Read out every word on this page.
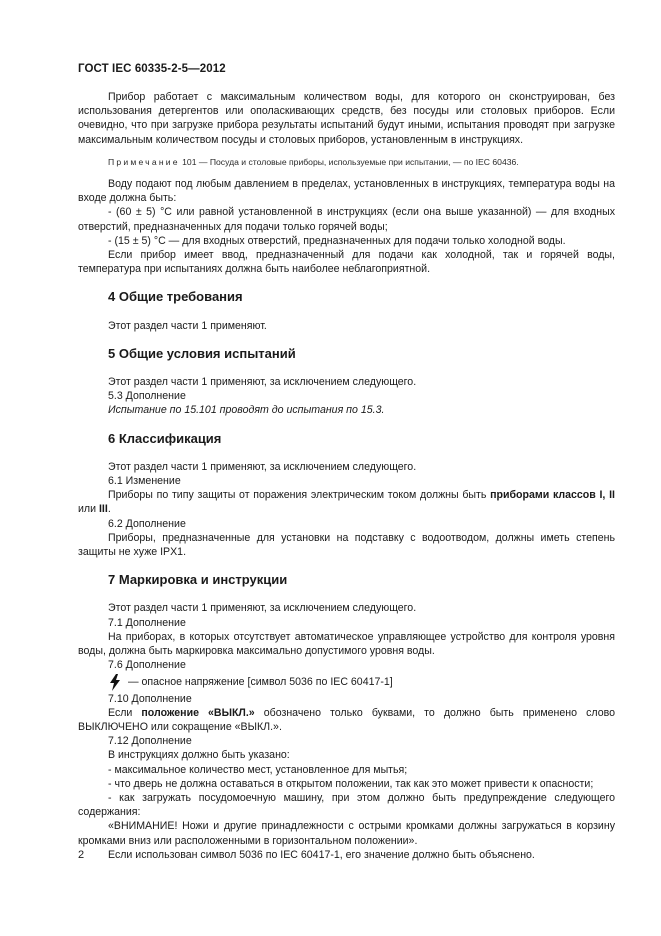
ГОСТ IEC 60335-2-5—2012

Прибор работает с максимальным количеством воды, для которого он сконструирован, без использования детергентов или ополаскивающих средств, без посуды или столовых приборов. Если очевидно, что при загрузке прибора результаты испытаний будут иными, испытания проводят при загрузке максимальным количеством посуды и столовых приборов, установленным в инструкциях.

Примечание 101 — Посуда и столовые приборы, используемые при испытании, — по IEC 60436.

Воду подают под любым давлением в пределах, установленных в инструкциях, температура воды на входе должна быть:

- (60 ± 5) °С или равной установленной в инструкциях (если она выше указанной) — для входных отверстий, предназначенных для подачи только горячей воды;

- (15 ± 5) °С — для входных отверстий, предназначенных для подачи только холодной воды.

Если прибор имеет ввод, предназначенный для подачи как холодной, так и горячей воды, температура при испытаниях должна быть наиболее неблагоприятной.

4 Общие требования

Этот раздел части 1 применяют.

5 Общие условия испытаний

Этот раздел части 1 применяют, за исключением следующего.

5.3 Дополнение

Испытание по 15.101 проводят до испытания по 15.3.

6 Классификация

Этот раздел части 1 применяют, за исключением следующего.

6.1 Изменение

Приборы по типу защиты от поражения электрическим током должны быть приборами классов I, II или III.

6.2 Дополнение

Приборы, предназначенные для установки на подставку с водоотводом, должны иметь степень защиты не хуже IPX1.

7 Маркировка и инструкции

Этот раздел части 1 применяют, за исключением следующего.

7.1 Дополнение

На приборах, в которых отсутствует автоматическое управляющее устройство для контроля уровня воды, должна быть маркировка максимально допустимого уровня воды.

7.6 Дополнение

— опасное напряжение [символ 5036 по IEC 60417-1]

7.10 Дополнение

Если положение «ВЫКЛ.» обозначено только буквами, то должно быть применено слово ВЫКЛЮЧЕНО или сокращение «ВЫКЛ.».

7.12 Дополнение

В инструкциях должно быть указано:

- максимальное количество мест, установленное для мытья;

- что дверь не должна оставаться в открытом положении, так как это может привести к опасности;

- как загружать посудомоечную машину, при этом должно быть предупреждение следующего содержания:

«ВНИМАНИЕ! Ножи и другие принадлежности с острыми кромками должны загружаться в корзину кромками вниз или расположенными в горизонтальном положении».

Если использован символ 5036 по IEC 60417-1, его значение должно быть объяснено.

2
